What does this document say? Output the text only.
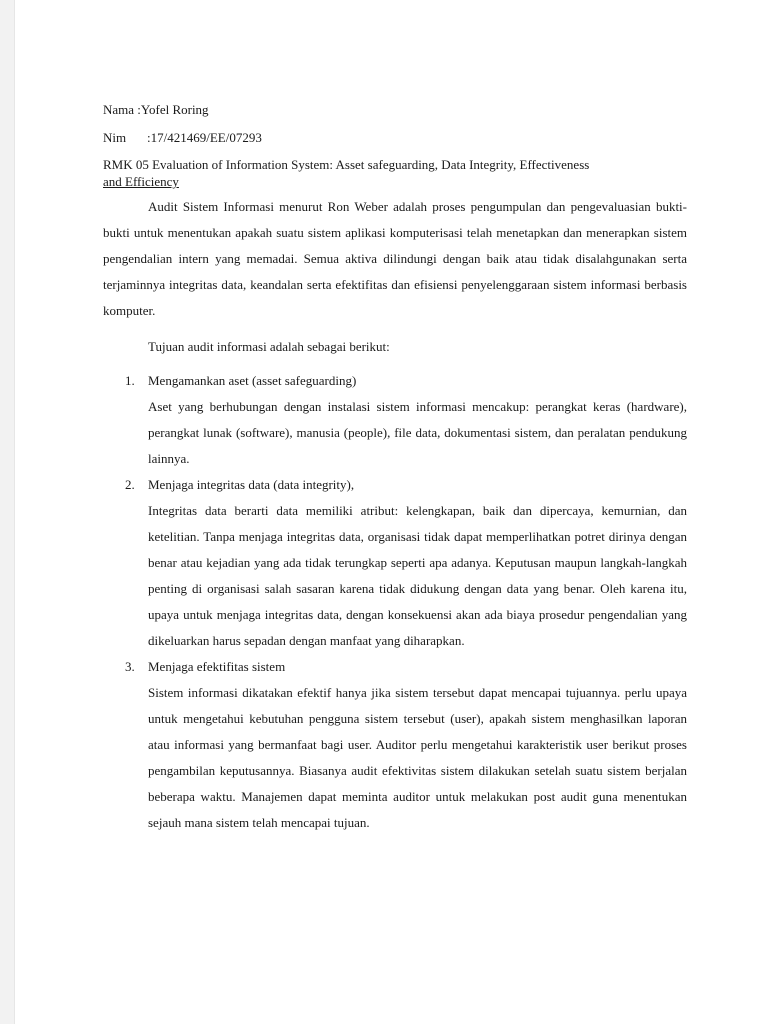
Nama :Yofel Roring

Nim :17/421469/EE/07293

RMK 05 Evaluation of Information System: Asset safeguarding, Data Integrity, Effectiveness
and Efficiency

Audit Sistem Informasi menurut Ron Weber adalah proses pengumpulan dan pengevaluasian bukti-bukti untuk menentukan apakah suatu sistem aplikasi komputerisasi telah menetapkan dan menerapkan sistem pengendalian intern yang memadai. Semua aktiva dilindungi dengan baik atau tidak disalahgunakan serta terjaminnya integritas data, keandalan serta efektifitas dan efisiensi penyelenggaraan sistem informasi berbasis komputer.

Tujuan audit informasi adalah sebagai berikut:

1. Mengamankan aset (asset safeguarding)

Aset yang berhubungan dengan instalasi sistem informasi mencakup: perangkat keras (hardware), perangkat lunak (software), manusia (people), file data, dokumentasi sistem, dan peralatan pendukung lainnya.

2. Menjaga integritas data (data integrity),

Integritas data berarti data memiliki atribut: kelengkapan, baik dan dipercaya, kemurnian, dan ketelitian. Tanpa menjaga integritas data, organisasi tidak dapat memperlihatkan potret dirinya dengan benar atau kejadian yang ada tidak terungkap seperti apa adanya. Keputusan maupun langkah-langkah penting di organisasi salah sasaran karena tidak didukung dengan data yang benar. Oleh karena itu, upaya untuk menjaga integritas data, dengan konsekuensi akan ada biaya prosedur pengendalian yang dikeluarkan harus sepadan dengan manfaat yang diharapkan.

3. Menjaga efektifitas sistem

Sistem informasi dikatakan efektif hanya jika sistem tersebut dapat mencapai tujuannya. perlu upaya untuk mengetahui kebutuhan pengguna sistem tersebut (user), apakah sistem menghasilkan laporan atau informasi yang bermanfaat bagi user. Auditor perlu mengetahui karakteristik user berikut proses pengambilan keputusannya. Biasanya audit efektivitas sistem dilakukan setelah suatu sistem berjalan beberapa waktu. Manajemen dapat meminta auditor untuk melakukan post audit guna menentukan sejauh mana sistem telah mencapai tujuan.
